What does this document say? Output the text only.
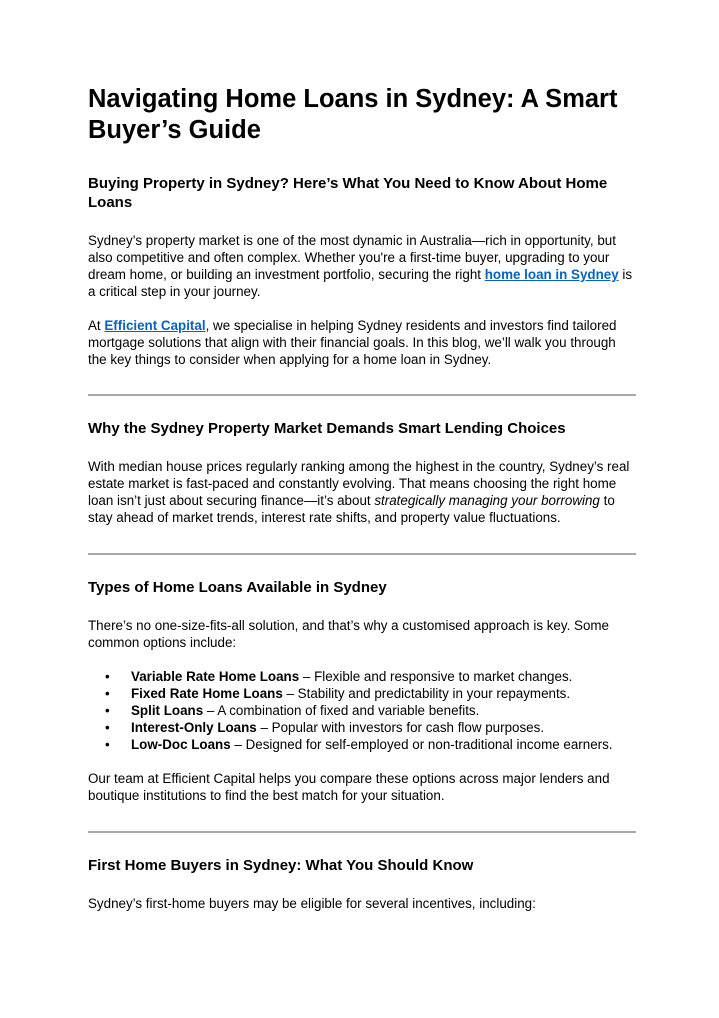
Navigating Home Loans in Sydney: A Smart Buyer’s Guide
Buying Property in Sydney? Here’s What You Need to Know About Home Loans

Sydney’s property market is one of the most dynamic in Australia—rich in opportunity, but also competitive and often complex. Whether you're a first-time buyer, upgrading to your dream home, or building an investment portfolio, securing the right home loan in Sydney is a critical step in your journey.

At Efficient Capital, we specialise in helping Sydney residents and investors find tailored mortgage solutions that align with their financial goals. In this blog, we’ll walk you through the key things to consider when applying for a home loan in Sydney.

Why the Sydney Property Market Demands Smart Lending Choices

With median house prices regularly ranking among the highest in the country, Sydney’s real estate market is fast-paced and constantly evolving. That means choosing the right home loan isn’t just about securing finance—it’s about strategically managing your borrowing to stay ahead of market trends, interest rate shifts, and property value fluctuations.

Types of Home Loans Available in Sydney

There’s no one-size-fits-all solution, and that’s why a customised approach is key. Some common options include:

• Variable Rate Home Loans – Flexible and responsive to market changes.
• Fixed Rate Home Loans – Stability and predictability in your repayments.
• Split Loans – A combination of fixed and variable benefits.
• Interest-Only Loans – Popular with investors for cash flow purposes.
• Low-Doc Loans – Designed for self-employed or non-traditional income earners.

Our team at Efficient Capital helps you compare these options across major lenders and boutique institutions to find the best match for your situation.

First Home Buyers in Sydney: What You Should Know

Sydney’s first-home buyers may be eligible for several incentives, including:
